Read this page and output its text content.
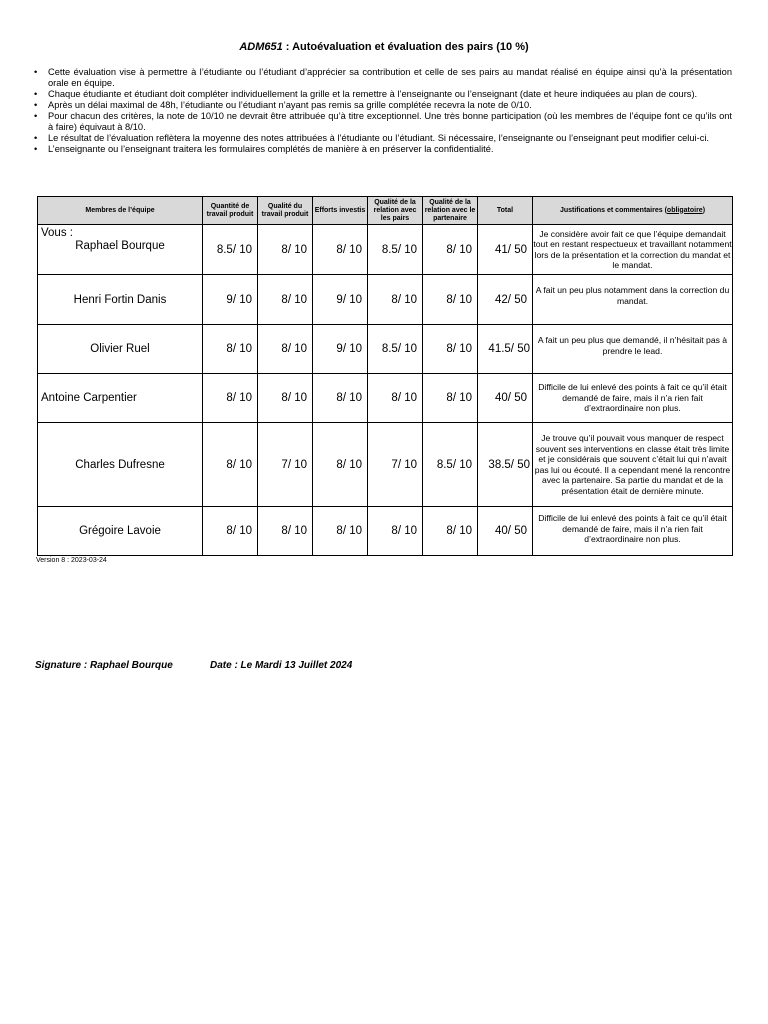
ADM651 : Autoévaluation et évaluation des pairs (10 %)
• Cette évaluation vise à permettre à l’étudiante ou l’étudiant d’apprécier sa contribution et celle de ses pairs au mandat réalisé en équipe ainsi qu’à la présentation orale en équipe.
• Chaque étudiante et étudiant doit compléter individuellement la grille et la remettre à l’enseignante ou l’enseignant (date et heure indiquées au plan de cours).
• Après un délai maximal de 48h, l’étudiante ou l’étudiant n’ayant pas remis sa grille complétée recevra la note de 0/10.
• Pour chacun des critères, la note de 10/10 ne devrait être attribuée qu’à titre exceptionnel. Une très bonne participation (où les membres de l’équipe font ce qu’ils ont à faire) équivaut à 8/10.
• Le résultat de l’évaluation reflètera la moyenne des notes attribuées à l’étudiante ou l’étudiant. Si nécessaire, l’enseignante ou l’enseignant peut modifier celui-ci.
• L’enseignante ou l’enseignant traitera les formulaires complétés de manière à en préserver la confidentialité.
Membres de l’équipe	Quantité de travail produit	Qualité du travail produit	Efforts investis	Qualité de la relation avec les pairs	Qualité de la relation avec le partenaire	Total	Justifications et commentaires (obligatoire)

Vous :
Raphael Bourque	8.5/ 10	8/ 10	8/ 10	8.5/ 10	8/ 10	41/ 50	Je considère avoir fait ce que l’équipe demandait tout en restant respectueux et travaillant notamment lors de la présentation et la correction du mandat et le mandat.
Henri Fortin Danis	9/ 10	8/ 10	9/ 10	8/ 10	8/ 10	42/ 50	A fait un peu plus notamment dans la correction du mandat.
Olivier Ruel	8/ 10	8/ 10	9/ 10	8.5/ 10	8/ 10	41.5/ 50	A fait un peu plus que demandé, il n’hésitait pas à prendre le lead.
Antoine Carpentier	8/ 10	8/ 10	8/ 10	8/ 10	8/ 10	40/ 50	Difficile de lui enlevé des points à fait ce qu’il était demandé de faire, mais il n’a rien fait d’extraordinaire non plus.
Charles Dufresne	8/ 10	7/ 10	8/ 10	7/ 10	8.5/ 10	38.5/ 50	Je trouve qu’il pouvait vous manquer de respect souvent ses interventions en classe était très limite et je considérais que souvent c’était lui qui n’avait pas lui ou écouté. Il a cependant mené la rencontre avec la partenaire. Sa partie du mandat et de la présentation était de dernière minute.
Grégoire Lavoie	8/ 10	8/ 10	8/ 10	8/ 10	8/ 10	40/ 50	Difficile de lui enlevé des points à fait ce qu’il était demandé de faire, mais il n’a rien fait d’extraordinaire non plus.
Version 8 : 2023-03-24
Signature : Raphael Bourque	Date : Le Mardi 13 Juillet 2024
